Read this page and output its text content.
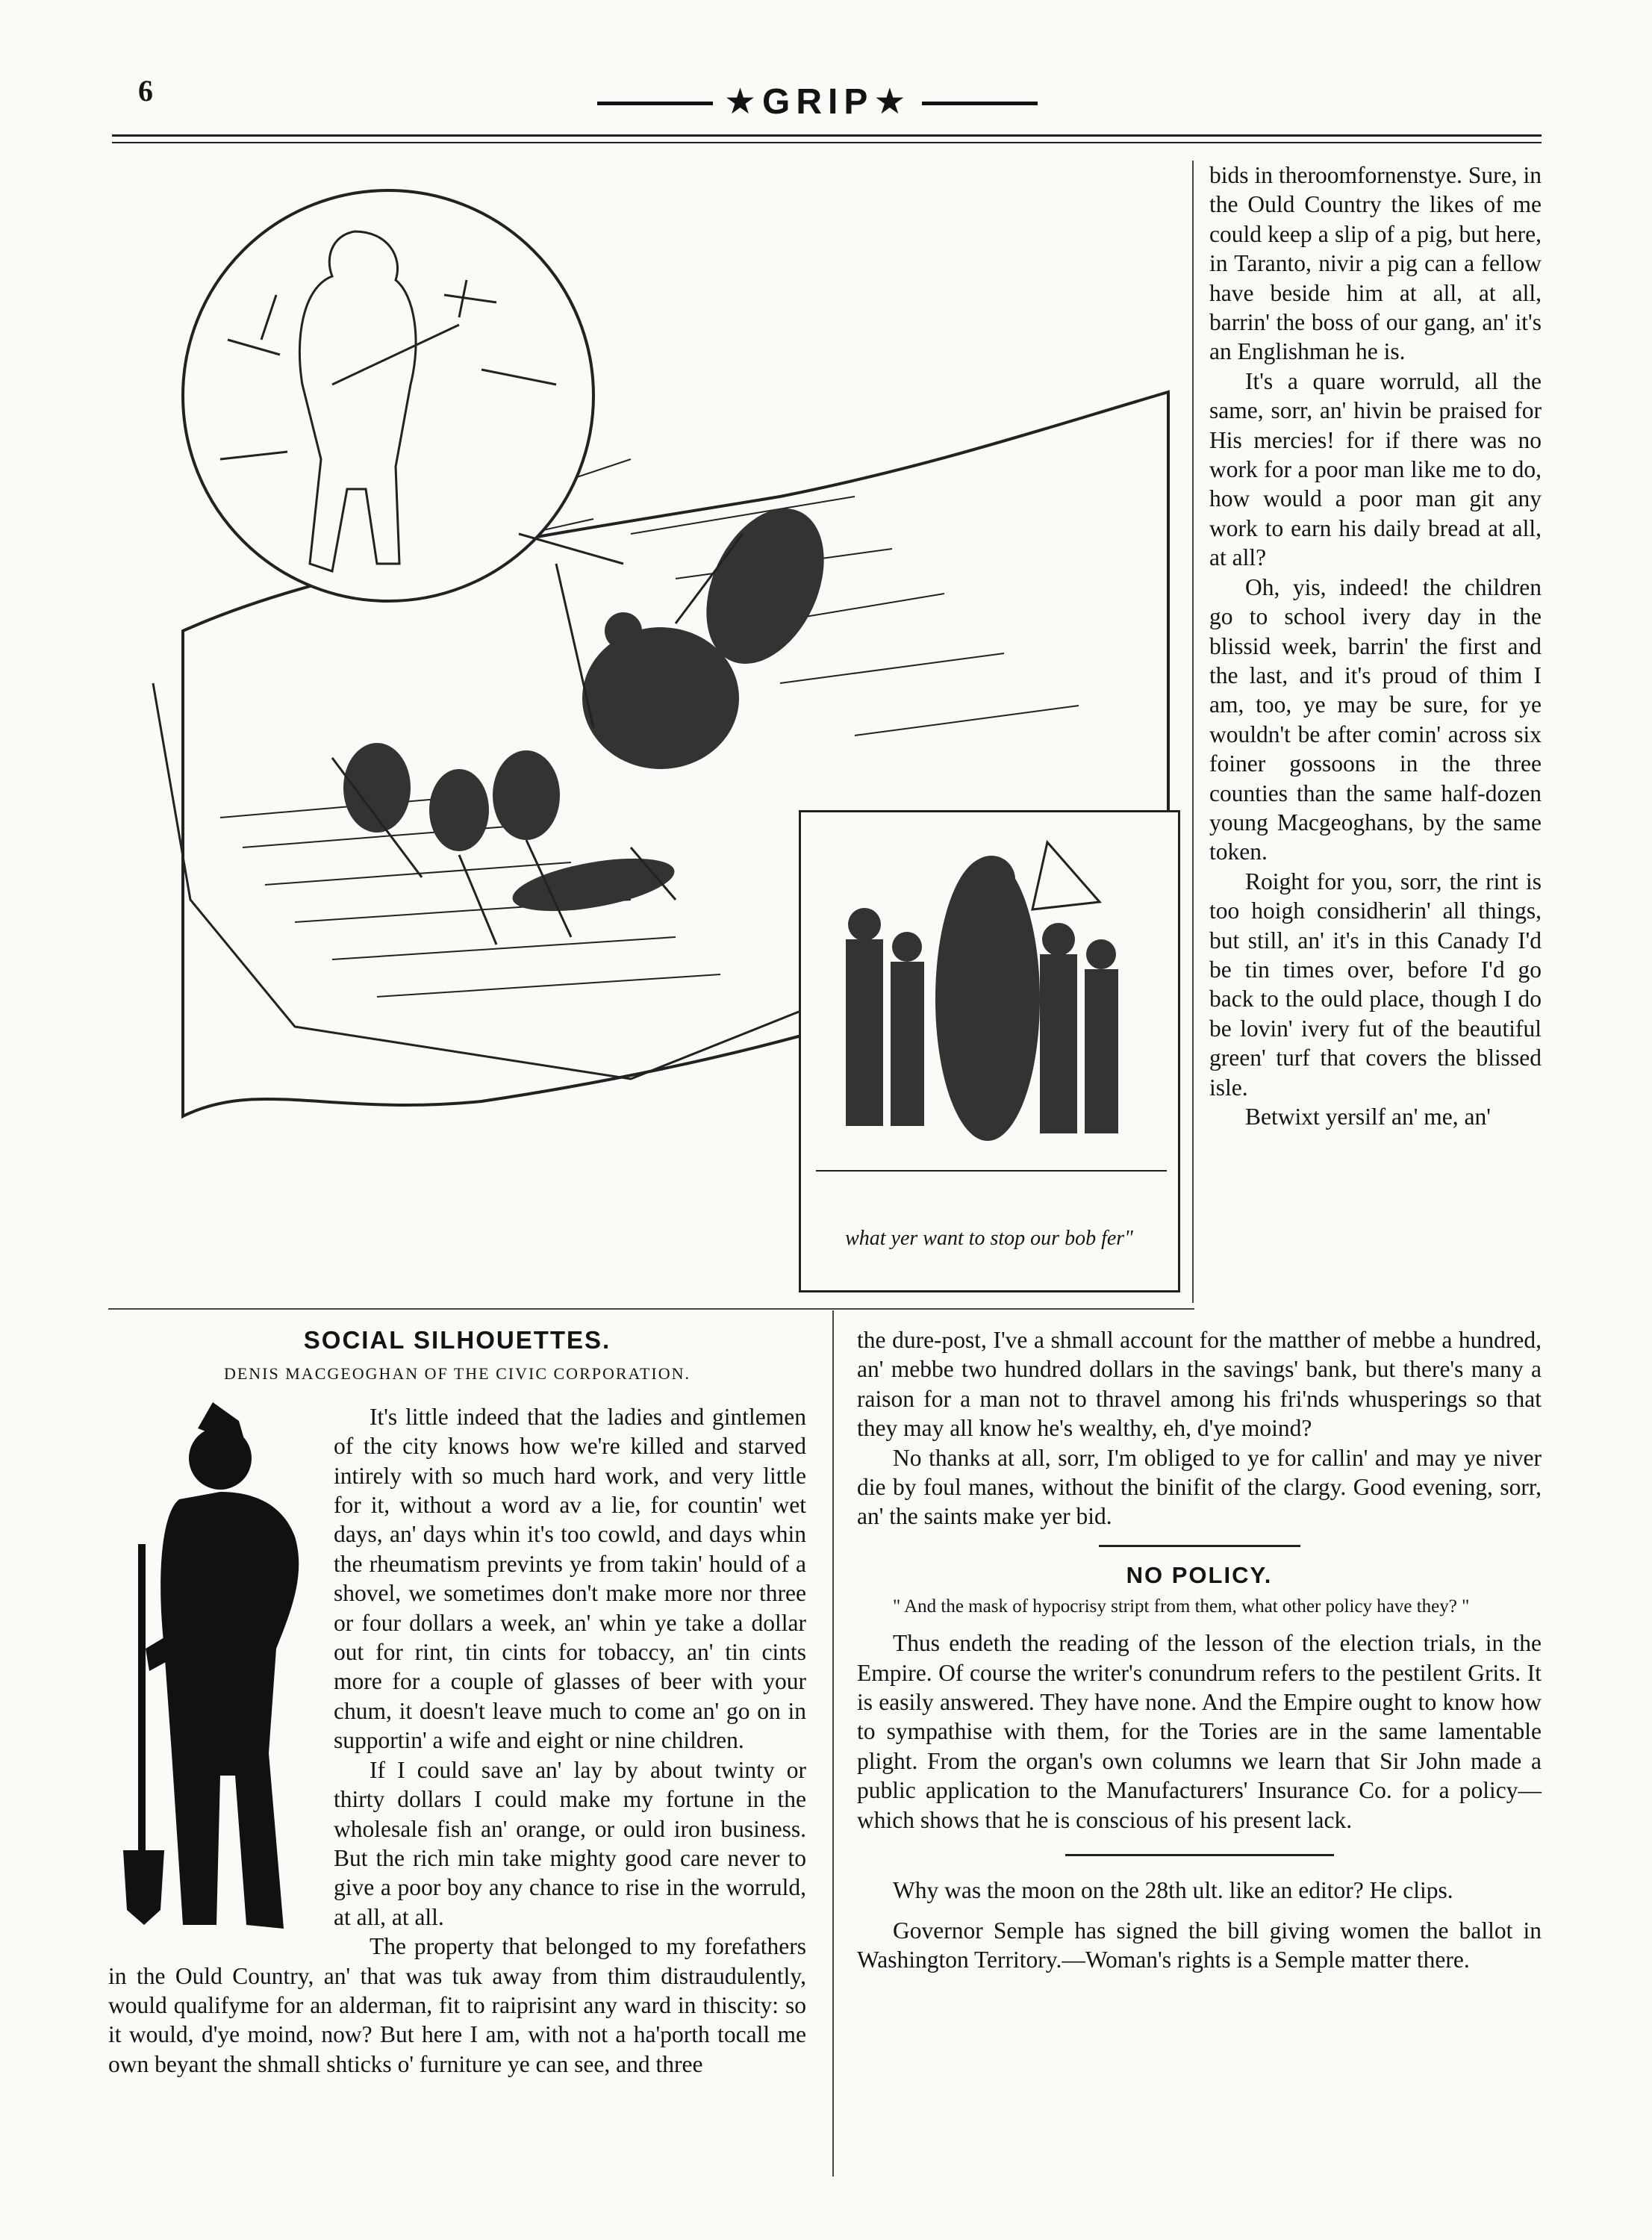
6	★GRIP★
what yer want to stop our bob fer"

bids in theroomfornenstye. Sure, in the Ould Country the likes of me could keep a slip of a pig, but here, in Taranto, nivir a pig can a fellow have beside him at all, at all, barrin' the boss of our gang, an' it's an Englishman he is.

It's a quare worruld, all the same, sorr, an' hivin be praised for His mercies! for if there was no work for a poor man like me to do, how would a poor man git any work to earn his daily bread at all, at all?

Oh, yis, indeed! the children go to school ivery day in the blissid week, barrin' the first and the last, and it's proud of thim I am, too, ye may be sure, for ye wouldn't be after comin' across six foiner gossoons in the three counties than the same half-dozen young Macgeoghans, by the same token.

Roight for you, sorr, the rint is too hoigh considherin' all things, but still, an' it's in this Canady I'd be tin times over, before I'd go back to the ould place, though I do be lovin' ivery fut of the beautiful green' turf that covers the blissed isle.

Betwixt yersilf an' me, an'

SOCIAL SILHOUETTES.
DENIS MACGEOGHAN OF THE CIVIC CORPORATION.

It's little indeed that the ladies and gintlemen of the city knows how we're killed and starved intirely with so much hard work, and very little for it, without a word av a lie, for countin' wet days, an' days whin it's too cowld, and days whin the rheumatism prevints ye from takin' hould of a shovel, we sometimes don't make more nor three or four dollars a week, an' whin ye take a dollar out for rint, tin cints for tobaccy, an' tin cints more for a couple of glasses of beer with your chum, it doesn't leave much to come an' go on in supportin' a wife and eight or nine children.

If I could save an' lay by about twinty or thirty dollars I could make my fortune in the wholesale fish an' orange, or ould iron business. But the rich min take mighty good care never to give a poor boy any chance to rise in the worruld, at all, at all.

The property that belonged to my forefathers in the Ould Country, an' that was tuk away from thim distraudulently, would qualifyme for an alderman, fit to raiprisint any ward in thiscity: so it would, d'ye moind, now? But here I am, with not a ha'porth tocall me own beyant the shmall shticks o' furniture ye can see, and three

the dure-post, I've a shmall account for the matther of mebbe a hundred, an' mebbe two hundred dollars in the savings' bank, but there's many a raison for a man not to thravel among his fri'nds whusperings so that they may all know he's wealthy, eh, d'ye moind?

No thanks at all, sorr, I'm obliged to ye for callin' and may ye niver die by foul manes, without the binifit of the clargy. Good evening, sorr, an' the saints make yer bid.

NO POLICY.
" And the mask of hypocrisy stript from them, what other policy have they? "

Thus endeth the reading of the lesson of the election trials, in the Empire. Of course the writer's conundrum refers to the pestilent Grits. It is easily answered. They have none. And the Empire ought to know how to sympathise with them, for the Tories are in the same lamentable plight. From the organ's own columns we learn that Sir John made a public application to the Manufacturers' Insurance Co. for a policy—which shows that he is conscious of his present lack.

Why was the moon on the 28th ult. like an editor? He clips.

Governor Semple has signed the bill giving women the ballot in Washington Territory.—Woman's rights is a Semple matter there.
